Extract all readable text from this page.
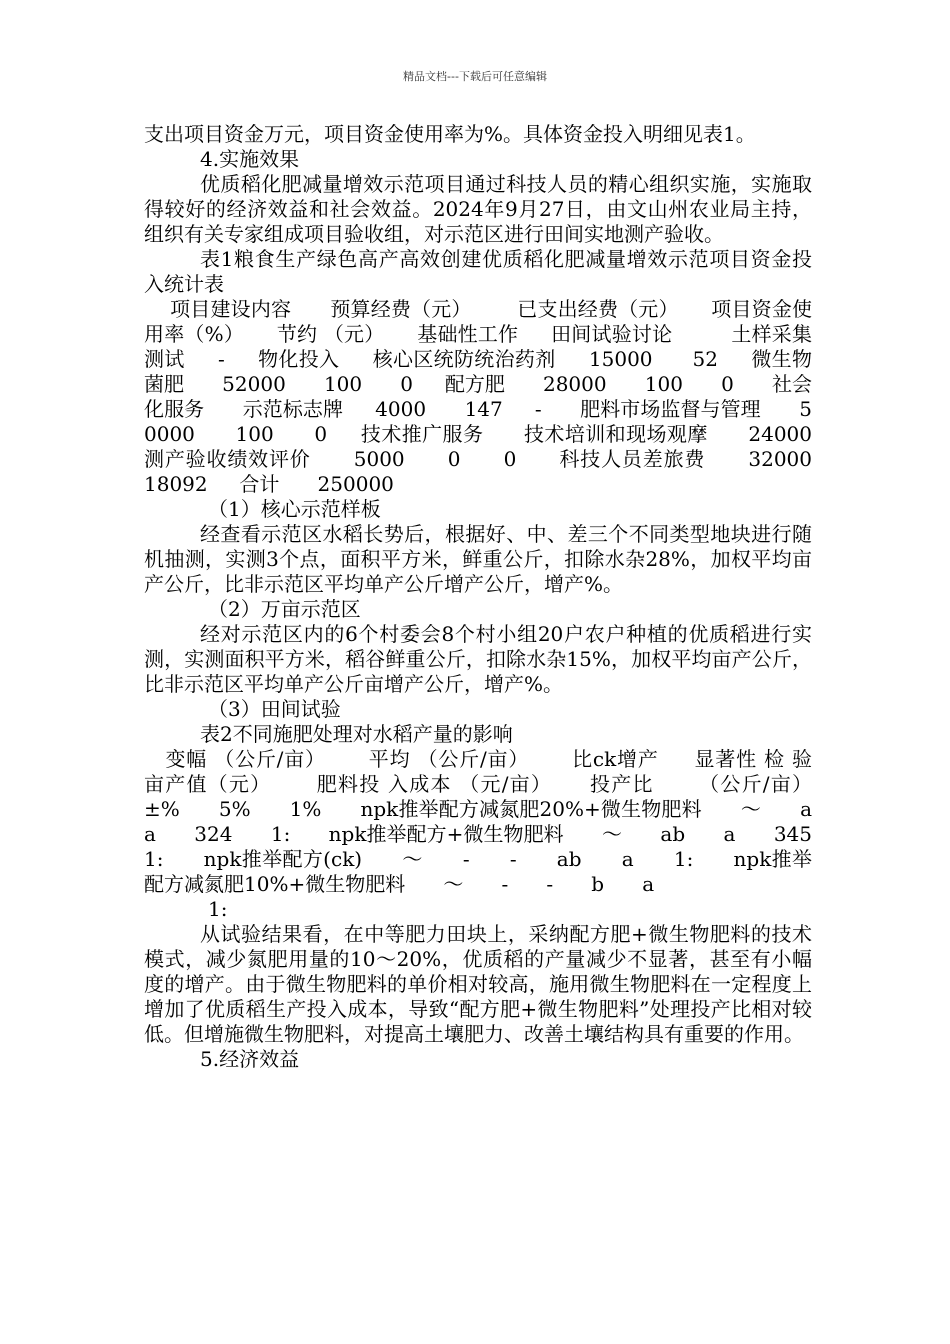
精品文档---下载后可任意编辑

支出项目资金万元，项目资金使用率为%。具体资金投入明细见表1。

4.实施效果

优质稻化肥减量增效示范项目通过科技人员的精心组织实施，实施取得较好的经济效益和社会效益。2024年9月27日，由文山州农业局主持，组织有关专家组成项目验收组，对示范区进行田间实地测产验收。

表1粮食生产绿色高产高效创建优质稻化肥减量增效示范项目资金投入统计表

项目建设内容      预算经费（元）       已支出经费（元）     项目资金使用率（%）     节约 （元）     基础性工作     田间试验讨论         土样采集测试     -     物化投入     核心区统防统治药剂     15000      52     微生物菌肥      52000      100      0     配方肥      28000      100      0      社会化服务      示范标志牌     4000      147     -      肥料市场监督与管理      50000      100      0     技术推广服务      技术培训和现场观摩      24000      测产验收绩效评价      5000      0      0      科技人员差旅费      32000      18092     合计      250000

（1）核心示范样板

经查看示范区水稻长势后，根据好、中、差三个不同类型地块进行随机抽测，实测3个点，面积平方米，鲜重公斤，扣除水杂28%，加权平均亩产公斤，比非示范区平均单产公斤增产公斤，增产%。

（2）万亩示范区

经对示范区内的6个村委会8个村小组20户农户种植的优质稻进行实测，实测面积平方米，稻谷鲜重公斤，扣除水杂15%，加权平均亩产公斤，比非示范区平均单产公斤亩增产公斤，增产%。

（3）田间试验

表2不同施肥处理对水稻产量的影响

变幅 （公斤/亩）      平均 （公斤/亩）      比ck增产     显著性 检 验      亩产值（元）      肥料投 入成本 （元/亩）     投产比      （公斤/亩）      ±%      5%      1%      npk推举配方减氮肥20%+微生物肥料      ～      a      a      324      1:      npk推举配方+微生物肥料      ～      ab      a      345      1:      npk推举配方(ck)      ～      -      -      ab      a      1:      npk推举配方减氮肥10%+微生物肥料      ～      -      -      b      a

1:

从试验结果看，在中等肥力田块上，采纳配方肥+微生物肥料的技术模式，减少氮肥用量的10～20%，优质稻的产量减少不显著，甚至有小幅度的增产。由于微生物肥料的单价相对较高，施用微生物肥料在一定程度上增加了优质稻生产投入成本，导致“配方肥+微生物肥料”处理投产比相对较低。但增施微生物肥料，对提高土壤肥力、改善土壤结构具有重要的作用。

5.经济效益
